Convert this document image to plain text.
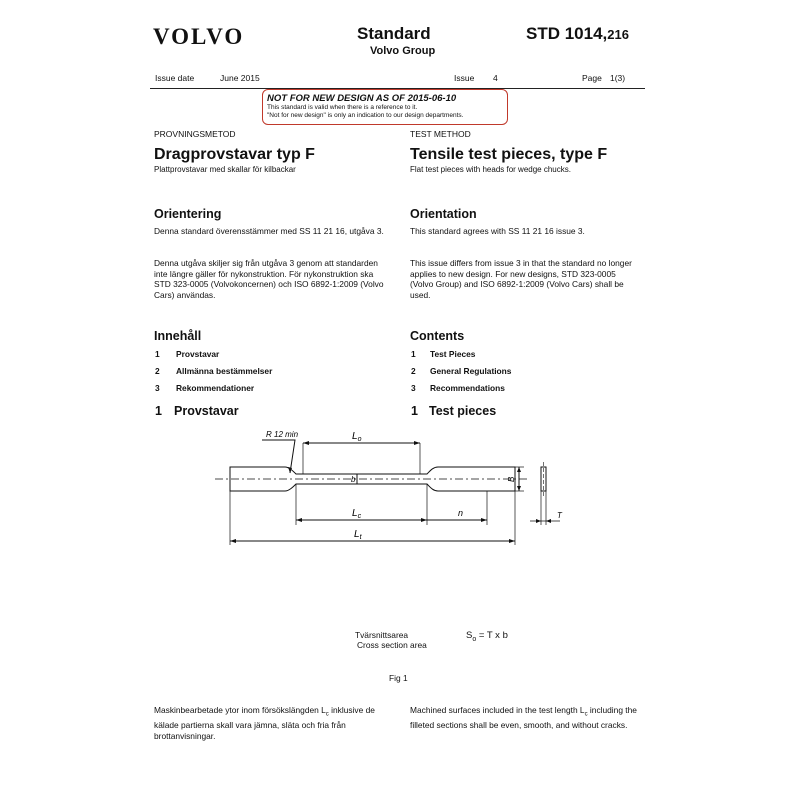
VOLVO	Standard
Volvo Group
STD 1014,216
Issue date	June 2015	Issue 4	Page 1(3)
NOT FOR NEW DESIGN AS OF 2015-06-10
This standard is valid when there is a reference to it.
"Not for new design" is only an indication to our design departments.
PROVNINGSMETOD
Dragprovstavar typ F
Plattprovstavar med skallar för kilbackar
TEST METHOD
Tensile test pieces, type F
Flat test pieces with heads for wedge chucks.
Orientering
Denna standard överensstämmer med SS 11 21 16, utgåva 3.
Denna utgåva skiljer sig från utgåva 3 genom att standarden inte längre gäller för nykonstruktion. För nykonstruktion ska STD 323-0005 (Volvokoncernen) och ISO 6892-1:2009 (Volvo Cars) användas.
Orientation
This standard agrees with SS 11 21 16 issue 3.
This issue differs from issue 3 in that the standard no longer applies to new design. For new designs, STD 323-0005 (Volvo Group) and ISO 6892-1:2009 (Volvo Cars) shall be used.
Innehåll
1 Provstavar
2 Allmänna bestämmelser
3 Rekommendationer
Contents
1 Test Pieces
2 General Regulations
3 Recommendations
1 Provstavar	1 Test pieces
R 12 min	$L_o$
b	B
$L_c$	n
$L_t$
T
Tvärsnittsarea
Cross section area
$S_o = T$ x b
Fig 1
Maskinbearbetade ytor inom försökslängden $L_c$ inklusive de kälade partierna skall vara jämna, släta och fria från brottanvisningar.
Machined surfaces included in the test length $L_c$ including the filleted sections shall be even, smooth, and without cracks.
